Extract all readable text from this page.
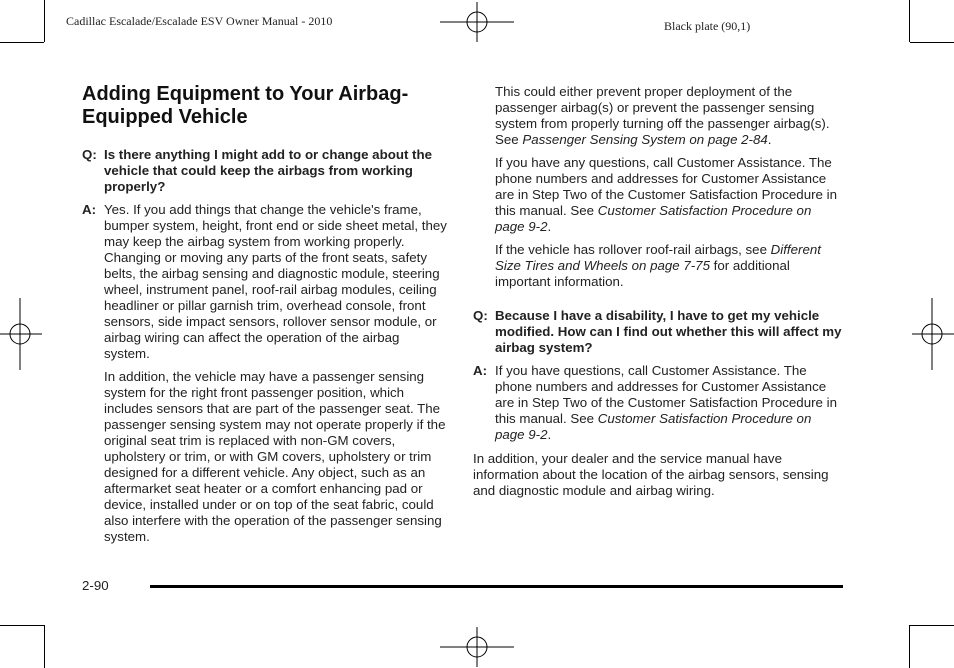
Cadillac Escalade/Escalade ESV Owner Manual - 2010	Black plate (90,1)
Adding Equipment to Your Airbag-Equipped Vehicle
Q: Is there anything I might add to or change about the vehicle that could keep the airbags from working properly?

A: Yes. If you add things that change the vehicle's frame, bumper system, height, front end or side sheet metal, they may keep the airbag system from working properly. Changing or moving any parts of the front seats, safety belts, the airbag sensing and diagnostic module, steering wheel, instrument panel, roof-rail airbag modules, ceiling headliner or pillar garnish trim, overhead console, front sensors, side impact sensors, rollover sensor module, or airbag wiring can affect the operation of the airbag system.

In addition, the vehicle may have a passenger sensing system for the right front passenger position, which includes sensors that are part of the passenger seat. The passenger sensing system may not operate properly if the original seat trim is replaced with non-GM covers, upholstery or trim, or with GM covers, upholstery or trim designed for a different vehicle. Any object, such as an aftermarket seat heater or a comfort enhancing pad or device, installed under or on top of the seat fabric, could also interfere with the operation of the passenger sensing system.

This could either prevent proper deployment of the passenger airbag(s) or prevent the passenger sensing system from properly turning off the passenger airbag(s). See Passenger Sensing System on page 2-84.

If you have any questions, call Customer Assistance. The phone numbers and addresses for Customer Assistance are in Step Two of the Customer Satisfaction Procedure in this manual. See Customer Satisfaction Procedure on page 9-2.

If the vehicle has rollover roof-rail airbags, see Different Size Tires and Wheels on page 7-75 for additional important information.

Q: Because I have a disability, I have to get my vehicle modified. How can I find out whether this will affect my airbag system?

A: If you have questions, call Customer Assistance. The phone numbers and addresses for Customer Assistance are in Step Two of the Customer Satisfaction Procedure in this manual. See Customer Satisfaction Procedure on page 9-2.

In addition, your dealer and the service manual have information about the location of the airbag sensors, sensing and diagnostic module and airbag wiring.

2-90
